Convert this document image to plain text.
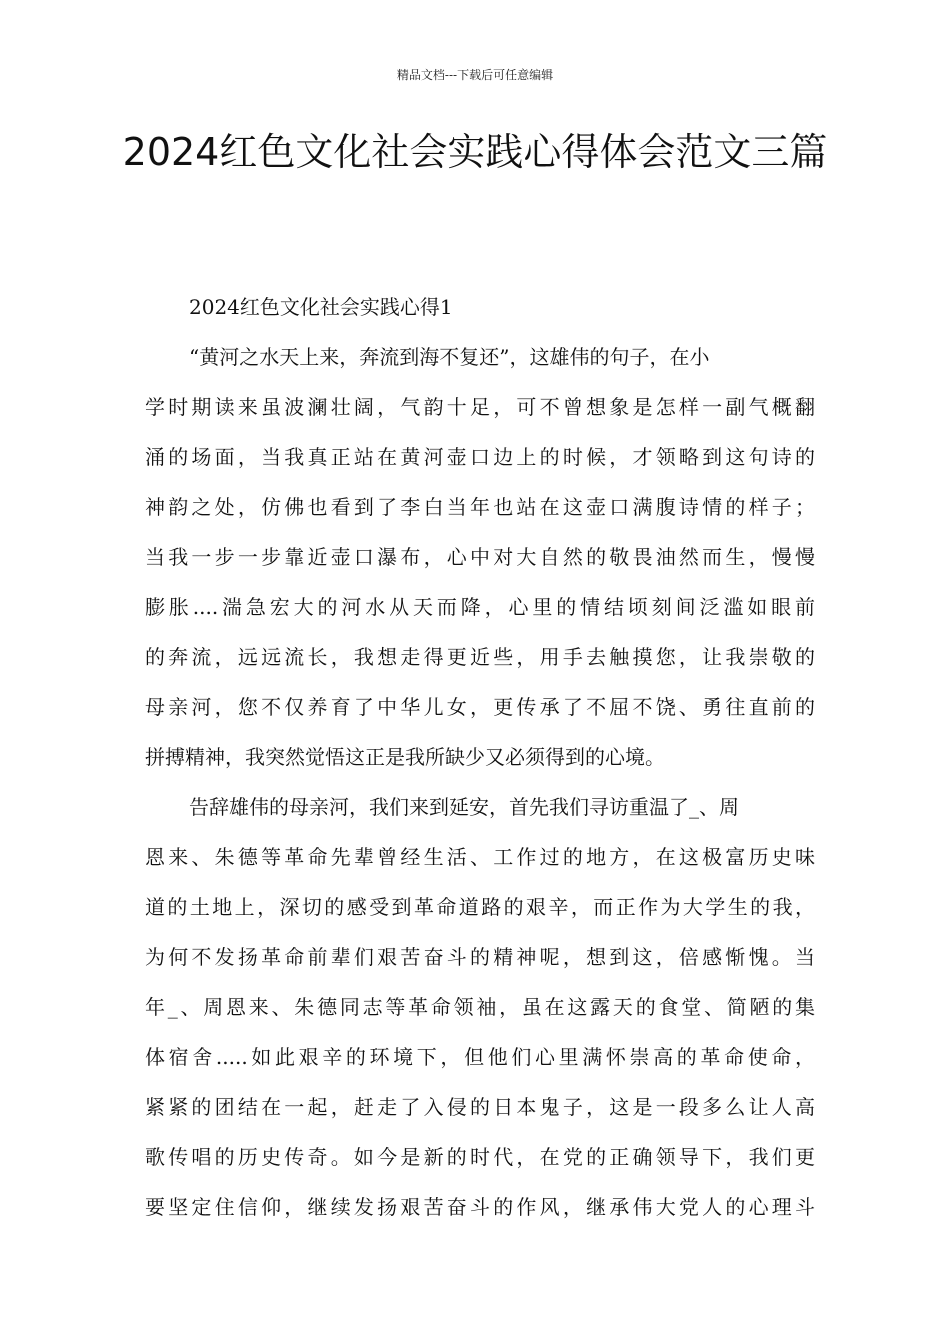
精品文档---下载后可任意编辑
2024红色文化社会实践心得体会范文三篇
2024红色文化社会实践心得1
“黄河之水天上来，奔流到海不复还”，这雄伟的句子，在小
学时期读来虽波澜壮阔，气韵十足，可不曾想象是怎样一副气概翻
涌的场面，当我真正站在黄河壶口边上的时候，才领略到这句诗的
神韵之处，仿佛也看到了李白当年也站在这壶口满腹诗情的样子；
当我一步一步靠近壶口瀑布，心中对大自然的敬畏油然而生，慢慢
膨胀....湍急宏大的河水从天而降，心里的情结顷刻间泛滥如眼前
的奔流，远远流长，我想走得更近些，用手去触摸您，让我崇敬的
母亲河，您不仅养育了中华儿女，更传承了不屈不饶、勇往直前的
拼搏精神，我突然觉悟这正是我所缺少又必须得到的心境。
告辞雄伟的母亲河，我们来到延安，首先我们寻访重温了_、周
恩来、朱德等革命先辈曾经生活、工作过的地方，在这极富历史味
道的土地上，深切的感受到革命道路的艰辛，而正作为大学生的我，
为何不发扬革命前辈们艰苦奋斗的精神呢，想到这，倍感惭愧。当
年_、周恩来、朱德同志等革命领袖，虽在这露天的食堂、简陋的集
体宿舍.....如此艰辛的环境下，但他们心里满怀崇高的革命使命，
紧紧的团结在一起，赶走了入侵的日本鬼子，这是一段多么让人高
歌传唱的历史传奇。如今是新的时代，在党的正确领导下，我们更
要坚定住信仰，继续发扬艰苦奋斗的作风，继承伟大党人的心理斗
